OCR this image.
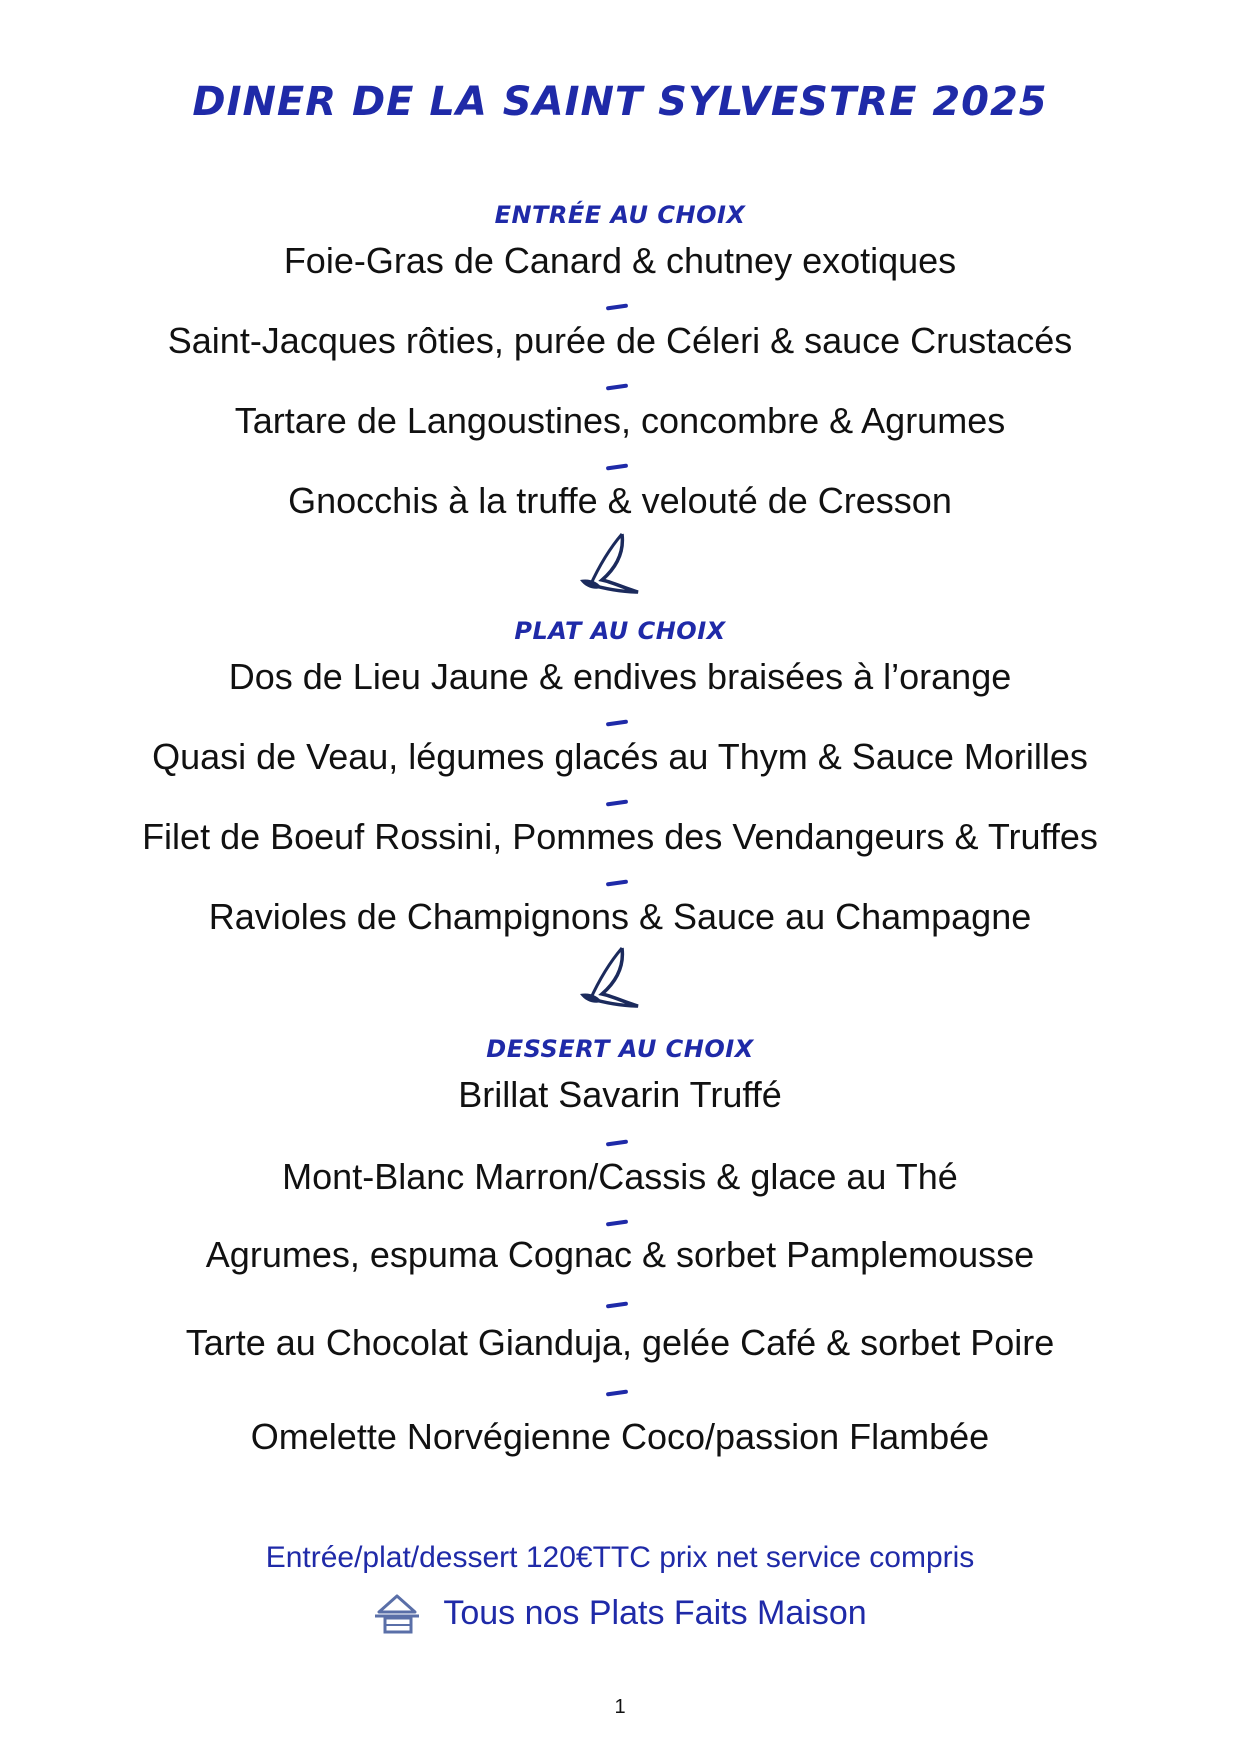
DINER DE LA SAINT SYLVESTRE 2025
ENTRÉE AU CHOIX
Foie-Gras de Canard & chutney exotiques
Saint-Jacques rôties, purée de Céleri & sauce Crustacés
Tartare de Langoustines, concombre & Agrumes
Gnocchis à la truffe & velouté de Cresson
PLAT AU CHOIX
Dos de Lieu Jaune & endives braisées à l’orange
Quasi de Veau, légumes glacés au Thym & Sauce Morilles
Filet de Boeuf Rossini, Pommes des Vendangeurs & Truffes
Ravioles de Champignons & Sauce au Champagne
DESSERT AU CHOIX
Brillat Savarin Truffé
Mont-Blanc Marron/Cassis & glace au Thé
Agrumes, espuma Cognac & sorbet Pamplemousse
Tarte au Chocolat Gianduja, gelée Café & sorbet Poire
Omelette Norvégienne Coco/passion Flambée
Entrée/plat/dessert 120€TTC prix net service compris
Tous nos Plats Faits Maison
1
